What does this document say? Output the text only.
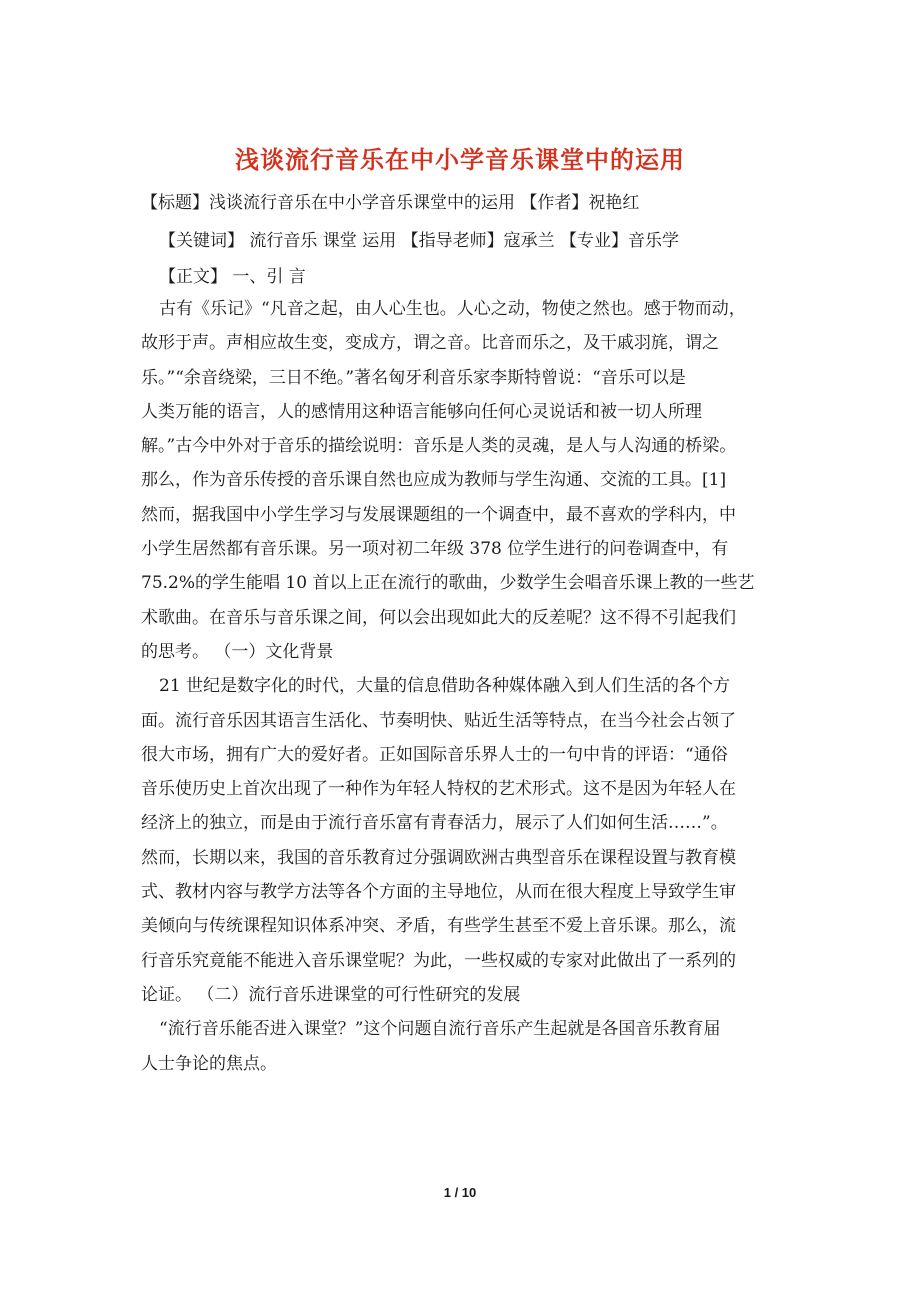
浅谈流行音乐在中小学音乐课堂中的运用
【标题】浅谈流行音乐在中小学音乐课堂中的运用 【作者】祝艳红
【关键词】 流行音乐 课堂 运用 【指导老师】寇承兰 【专业】音乐学
【正文】 一、引 言
古有《乐记》“凡音之起，由人心生也。人心之动，物使之然也。感于物而动，
故形于声。声相应故生变，变成方，谓之音。比音而乐之，及干戚羽旄，谓之
乐。”“余音绕梁，三日不绝。”著名匈牙利音乐家李斯特曾说：“音乐可以是
人类万能的语言，人的感情用这种语言能够向任何心灵说话和被一切人所理
解。”古今中外对于音乐的描绘说明：音乐是人类的灵魂，是人与人沟通的桥梁。
那么，作为音乐传授的音乐课自然也应成为教师与学生沟通、交流的工具。[1]
然而，据我国中小学生学习与发展课题组的一个调查中，最不喜欢的学科内，中
小学生居然都有音乐课。另一项对初二年级 378 位学生进行的问卷调查中，有
75.2%的学生能唱 10 首以上正在流行的歌曲，少数学生会唱音乐课上教的一些艺
术歌曲。在音乐与音乐课之间，何以会出现如此大的反差呢？这不得不引起我们
的思考。 （一）文化背景
21 世纪是数字化的时代，大量的信息借助各种媒体融入到人们生活的各个方
面。流行音乐因其语言生活化、节奏明快、贴近生活等特点，在当今社会占领了
很大市场，拥有广大的爱好者。正如国际音乐界人士的一句中肯的评语：“通俗
音乐使历史上首次出现了一种作为年轻人特权的艺术形式。这不是因为年轻人在
经济上的独立，而是由于流行音乐富有青春活力，展示了人们如何生活……”。
然而，长期以来，我国的音乐教育过分强调欧洲古典型音乐在课程设置与教育模
式、教材内容与教学方法等各个方面的主导地位，从而在很大程度上导致学生审
美倾向与传统课程知识体系冲突、矛盾，有些学生甚至不爱上音乐课。那么，流
行音乐究竟能不能进入音乐课堂呢？为此，一些权威的专家对此做出了一系列的
论证。 （二）流行音乐进课堂的可行性研究的发展
“流行音乐能否进入课堂？”这个问题自流行音乐产生起就是各国音乐教育届
人士争论的焦点。
1 / 10
